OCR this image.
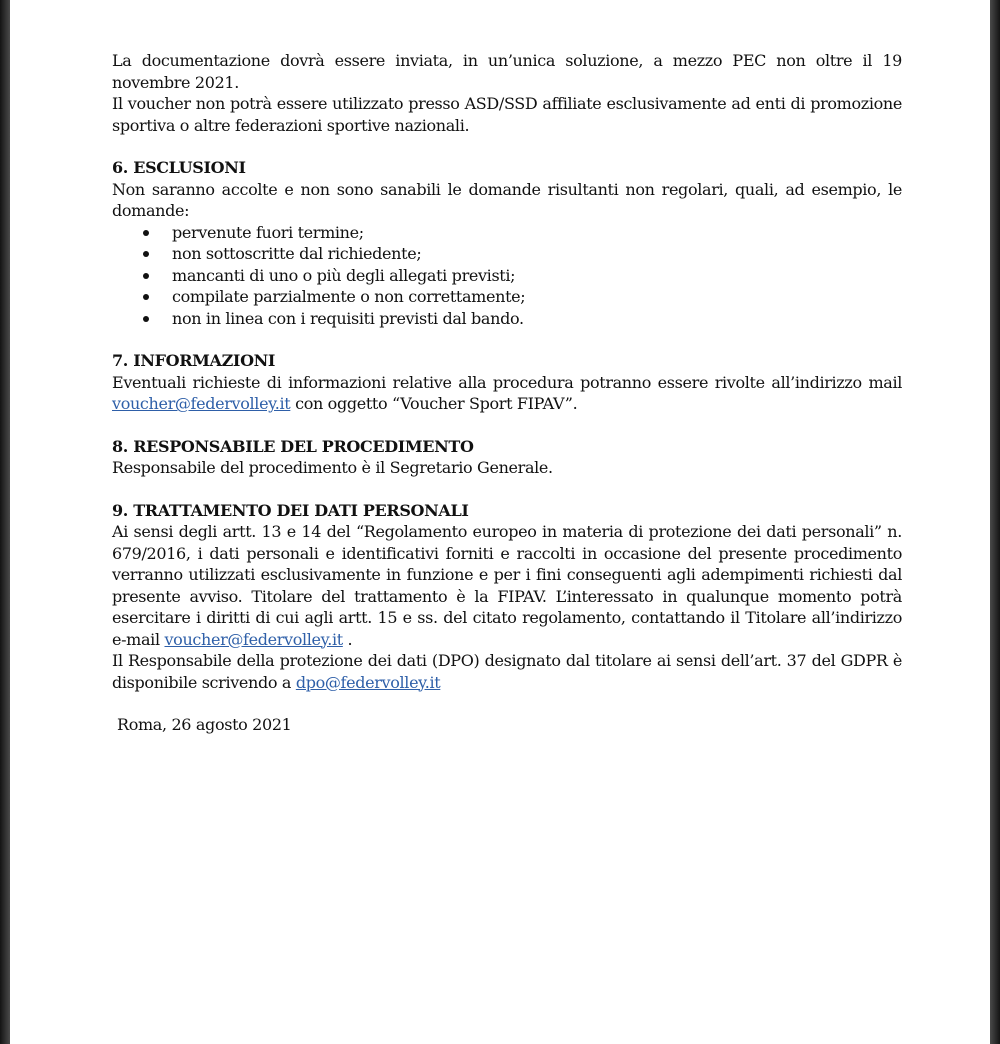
La documentazione dovrà essere inviata, in un’unica soluzione, a mezzo PEC non oltre il 19 novembre 2021.

Il voucher non potrà essere utilizzato presso ASD/SSD affiliate esclusivamente ad enti di promozione sportiva o altre federazioni sportive nazionali.

6. ESCLUSIONI

Non saranno accolte e non sono sanabili le domande risultanti non regolari, quali, ad esempio, le domande:

pervenute fuori termine;
non sottoscritte dal richiedente;
mancanti di uno o più degli allegati previsti;
compilate parzialmente o non correttamente;
non in linea con i requisiti previsti dal bando.
7. INFORMAZIONI

Eventuali richieste di informazioni relative alla procedura potranno essere rivolte all’indirizzo mail voucher@federvolley.it con oggetto “Voucher Sport FIPAV”.

8. RESPONSABILE DEL PROCEDIMENTO

Responsabile del procedimento è il Segretario Generale.

9. TRATTAMENTO DEI DATI PERSONALI

Ai sensi degli artt. 13 e 14 del “Regolamento europeo in materia di protezione dei dati personali” n. 679/2016, i dati personali e identificativi forniti e raccolti in occasione del presente procedimento verranno utilizzati esclusivamente in funzione e per i fini conseguenti agli adempimenti richiesti dal presente avviso. Titolare del trattamento è la FIPAV. L’interessato in qualunque momento potrà esercitare i diritti di cui agli artt. 15 e ss. del citato regolamento, contattando il Titolare all’indirizzo e-mail voucher@federvolley.it .

Il Responsabile della protezione dei dati (DPO) designato dal titolare ai sensi dell’art. 37 del GDPR è disponibile scrivendo a dpo@federvolley.it

Roma, 26 agosto 2021
